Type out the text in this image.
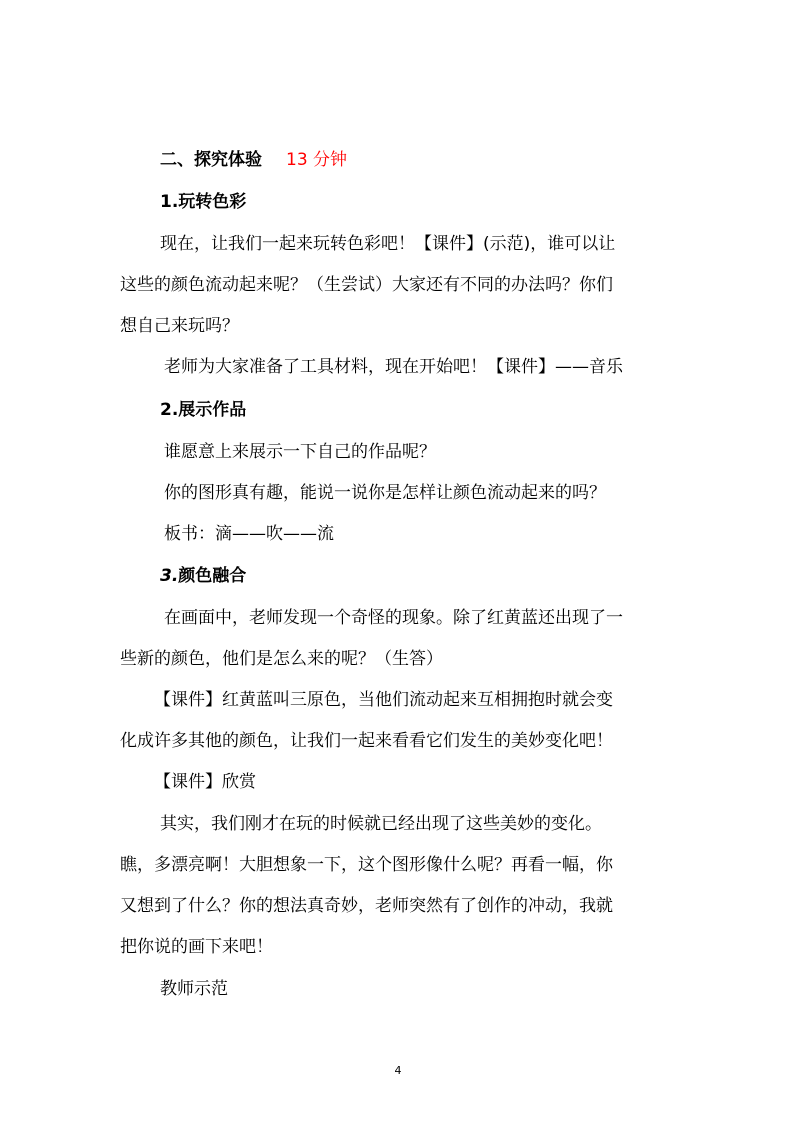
二、探究体验 13 分钟
1.玩转色彩
现在，让我们一起来玩转色彩吧！【课件】(示范)，谁可以让
这些的颜色流动起来呢？（生尝试）大家还有不同的办法吗？你们
想自己来玩吗？
老师为大家准备了工具材料，现在开始吧！【课件】——音乐
2.展示作品
谁愿意上来展示一下自己的作品呢？
你的图形真有趣，能说一说你是怎样让颜色流动起来的吗？
板书：滴——吹——流
3.颜色融合
在画面中，老师发现一个奇怪的现象。除了红黄蓝还出现了一
些新的颜色，他们是怎么来的呢？（生答）
【课件】红黄蓝叫三原色，当他们流动起来互相拥抱时就会变
化成许多其他的颜色，让我们一起来看看它们发生的美妙变化吧！
【课件】欣赏
其实，我们刚才在玩的时候就已经出现了这些美妙的变化。
瞧，多漂亮啊！大胆想象一下，这个图形像什么呢？再看一幅，你
又想到了什么？你的想法真奇妙，老师突然有了创作的冲动，我就
把你说的画下来吧！
教师示范
4
